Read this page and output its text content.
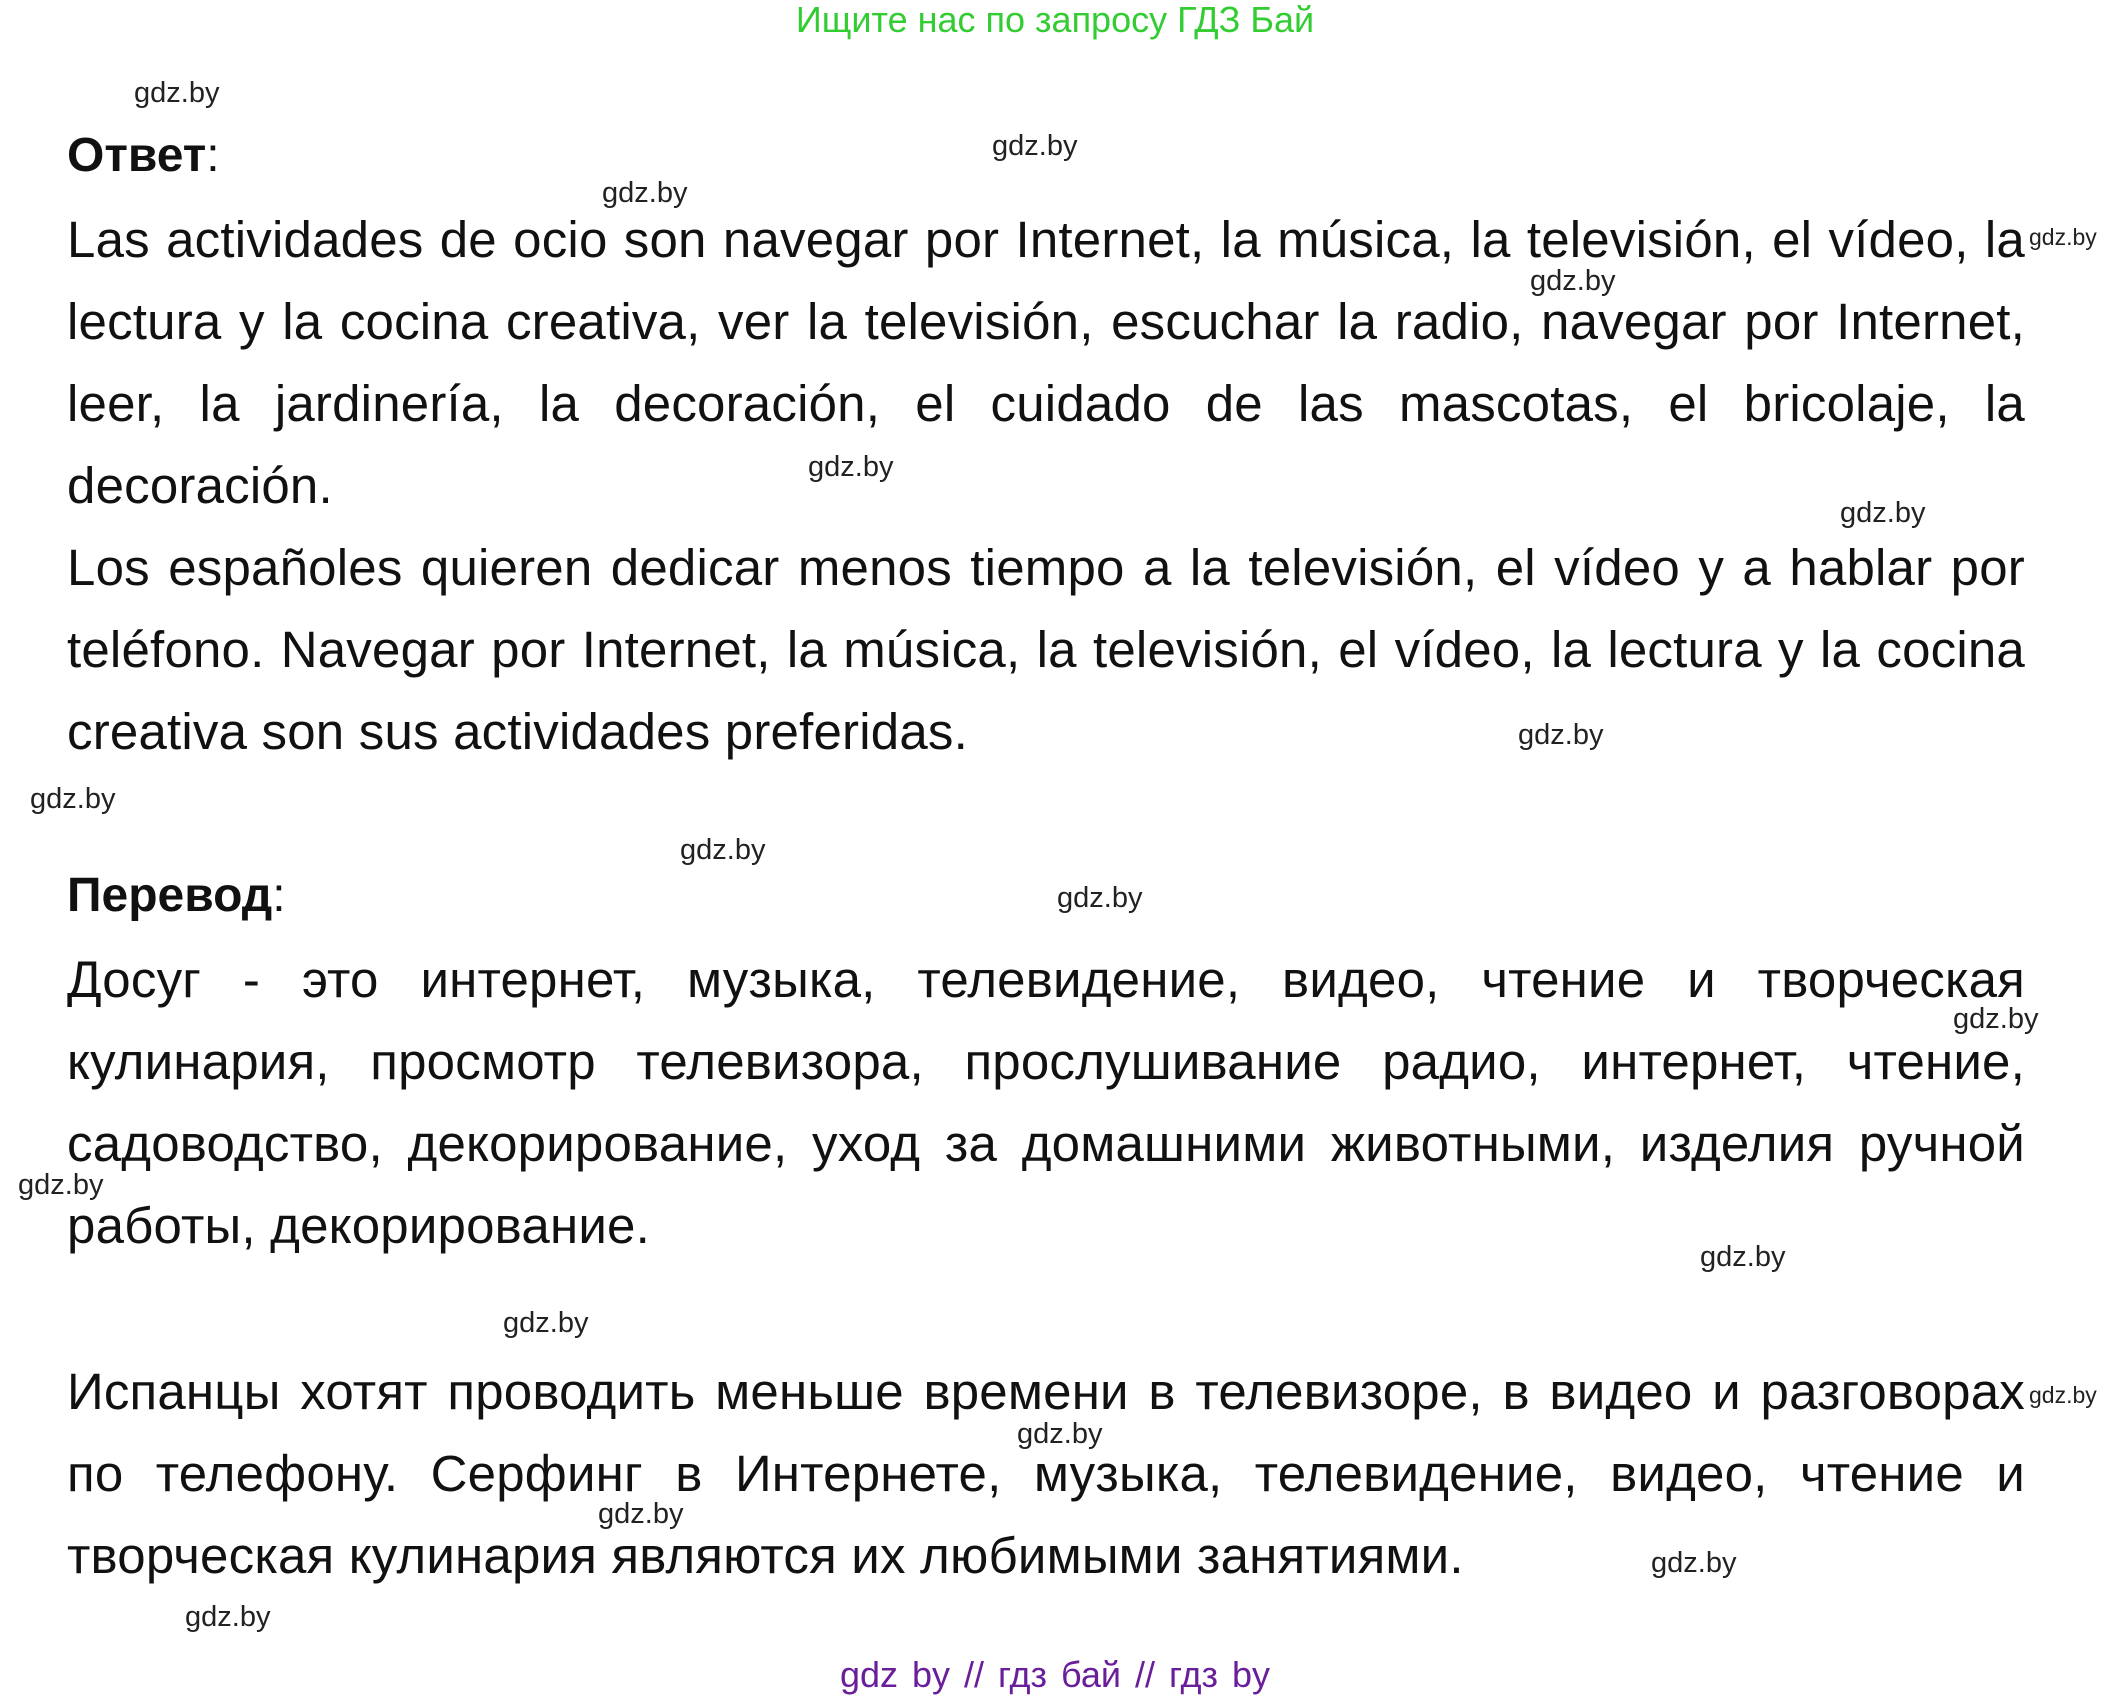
Ищите нас по запросу ГДЗ Бай
Ответ:
Las actividades de ocio son navegar por Internet, la música, la televisión, el vídeo, la lectura y la cocina creativa, ver la televisión, escuchar la radio, navegar por Internet, leer, la jardinería, la decoración, el cuidado de las mascotas, el bricolaje, la decoración.
Los españoles quieren dedicar menos tiempo a la televisión, el vídeo y a hablar por teléfono. Navegar por Internet, la música, la televisión, el vídeo, la lectura y la cocina creativa son sus actividades preferidas.
Перевод:
Досуг - это интернет, музыка, телевидение, видео, чтение и творческая кулинария, просмотр телевизора, прослушивание радио, интернет, чтение, садоводство, декорирование, уход за домашними животными, изделия ручной работы, декорирование.
Испанцы хотят проводить меньше времени в телевизоре, в видео и разговорах по телефону. Серфинг в Интернете, музыка, телевидение, видео, чтение и творческая кулинария являются их любимыми занятиями.
gdz.by
gdz.by
gdz.by
gdz.by
gdz.by
gdz.by
gdz.by
gdz.by
gdz.by
gdz.by
gdz.by
gdz.by
gdz.by
gdz.by
gdz.by
gdz.by
gdz.by
gdz.by
gdz.by
gdz.by
gdz by // гдз бай // гдз by
